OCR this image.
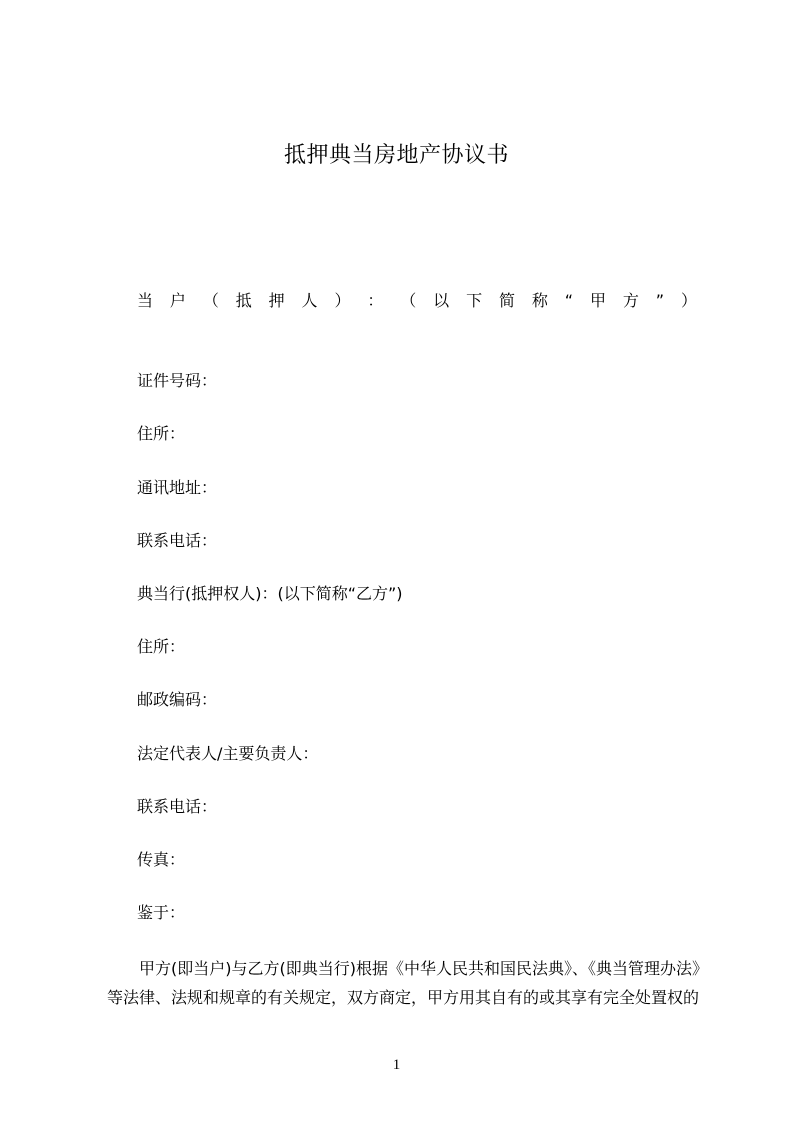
抵押典当房地产协议书
当 户 （ 抵 押 人 ） ： （ 以 下 简 称 “ 甲 方 ” ）
证件号码：
住所：
通讯地址：
联系电话：
典当行(抵押权人)：(以下简称“乙方”)
住所：
邮政编码：
法定代表人/主要负责人：
联系电话：
传真：
鉴于：
甲方(即当户)与乙方(即典当行)根据《中华人民共和国民法典》、《典当管理办法》
等法律、法规和规章的有关规定，双方商定，甲方用其自有的或其享有完全处置权的
1
